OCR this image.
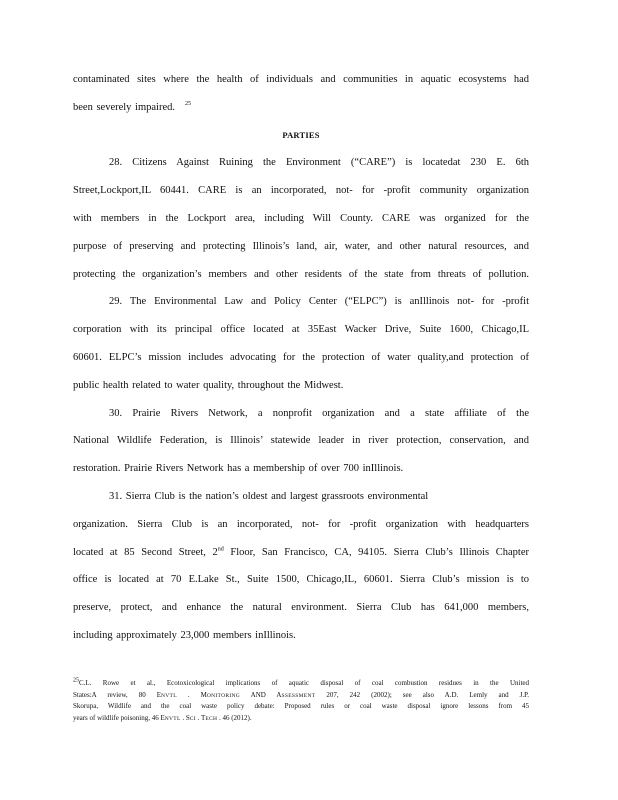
contaminated sites where the health of individuals and communities in aquatic ecosystems had
been severely impaired. $^{25}$
PARTIES
28. Citizens Against Ruining the Environment (“CARE”) is locatedat 230 E. 6th
Street,Lockport,IL 60441. CARE is an incorporated, not- for -profit community organization
with members in the Lockport area, including Will County. CARE was organized for the
purpose of preserving and protecting Illinois’s land, air, water, and other natural resources, and
protecting the organization’s members and other residents of the state from threats of pollution.
29. The Environmental Law and Policy Center (“ELPC”) is anIllinois not- for -profit
corporation with its principal office located at 35East Wacker Drive, Suite 1600, Chicago,IL
60601. ELPC’s mission includes advocating for the protection of water quality,and protection of
public health related to water quality, throughout the Midwest.
30. Prairie Rivers Network, a nonprofit organization and a state affiliate of the
National Wildlife Federation, is Illinois’ statewide leader in river protection, conservation, and
restoration. Prairie Rivers Network has a membership of over 700 inIllinois.
31. Sierra Club is the nation’s oldest and largest grassroots environmental
organization. Sierra Club is an incorporated, not- for -profit organization with headquarters
located at 85 Second Street, 2nd Floor, San Francisco, CA, 94105. Sierra Club’s Illinois Chapter
office is located at 70 E.Lake St., Suite 1500, Chicago,IL, 60601. Sierra Club’s mission is to
preserve, protect, and enhance the natural environment. Sierra Club has 641,000 members,
including approximately 23,000 members inIllinois.
$^{25}$C.L. Rowe et al., Ecotoxicological implications of aquatic disposal of coal combustion residues in the United
States:A review, 80 ENVTL . MONITORING AND ASSESSMENT 207, 242 (2002); see also A.D. Lemly and J.P.
Skorupa, Wildlife and the coal waste policy debate: Proposed rules or coal waste disposal ignore lessons from 45
years of wildlife poisoning, 46 ENVTL . SCI . TECH . 46 (2012).
